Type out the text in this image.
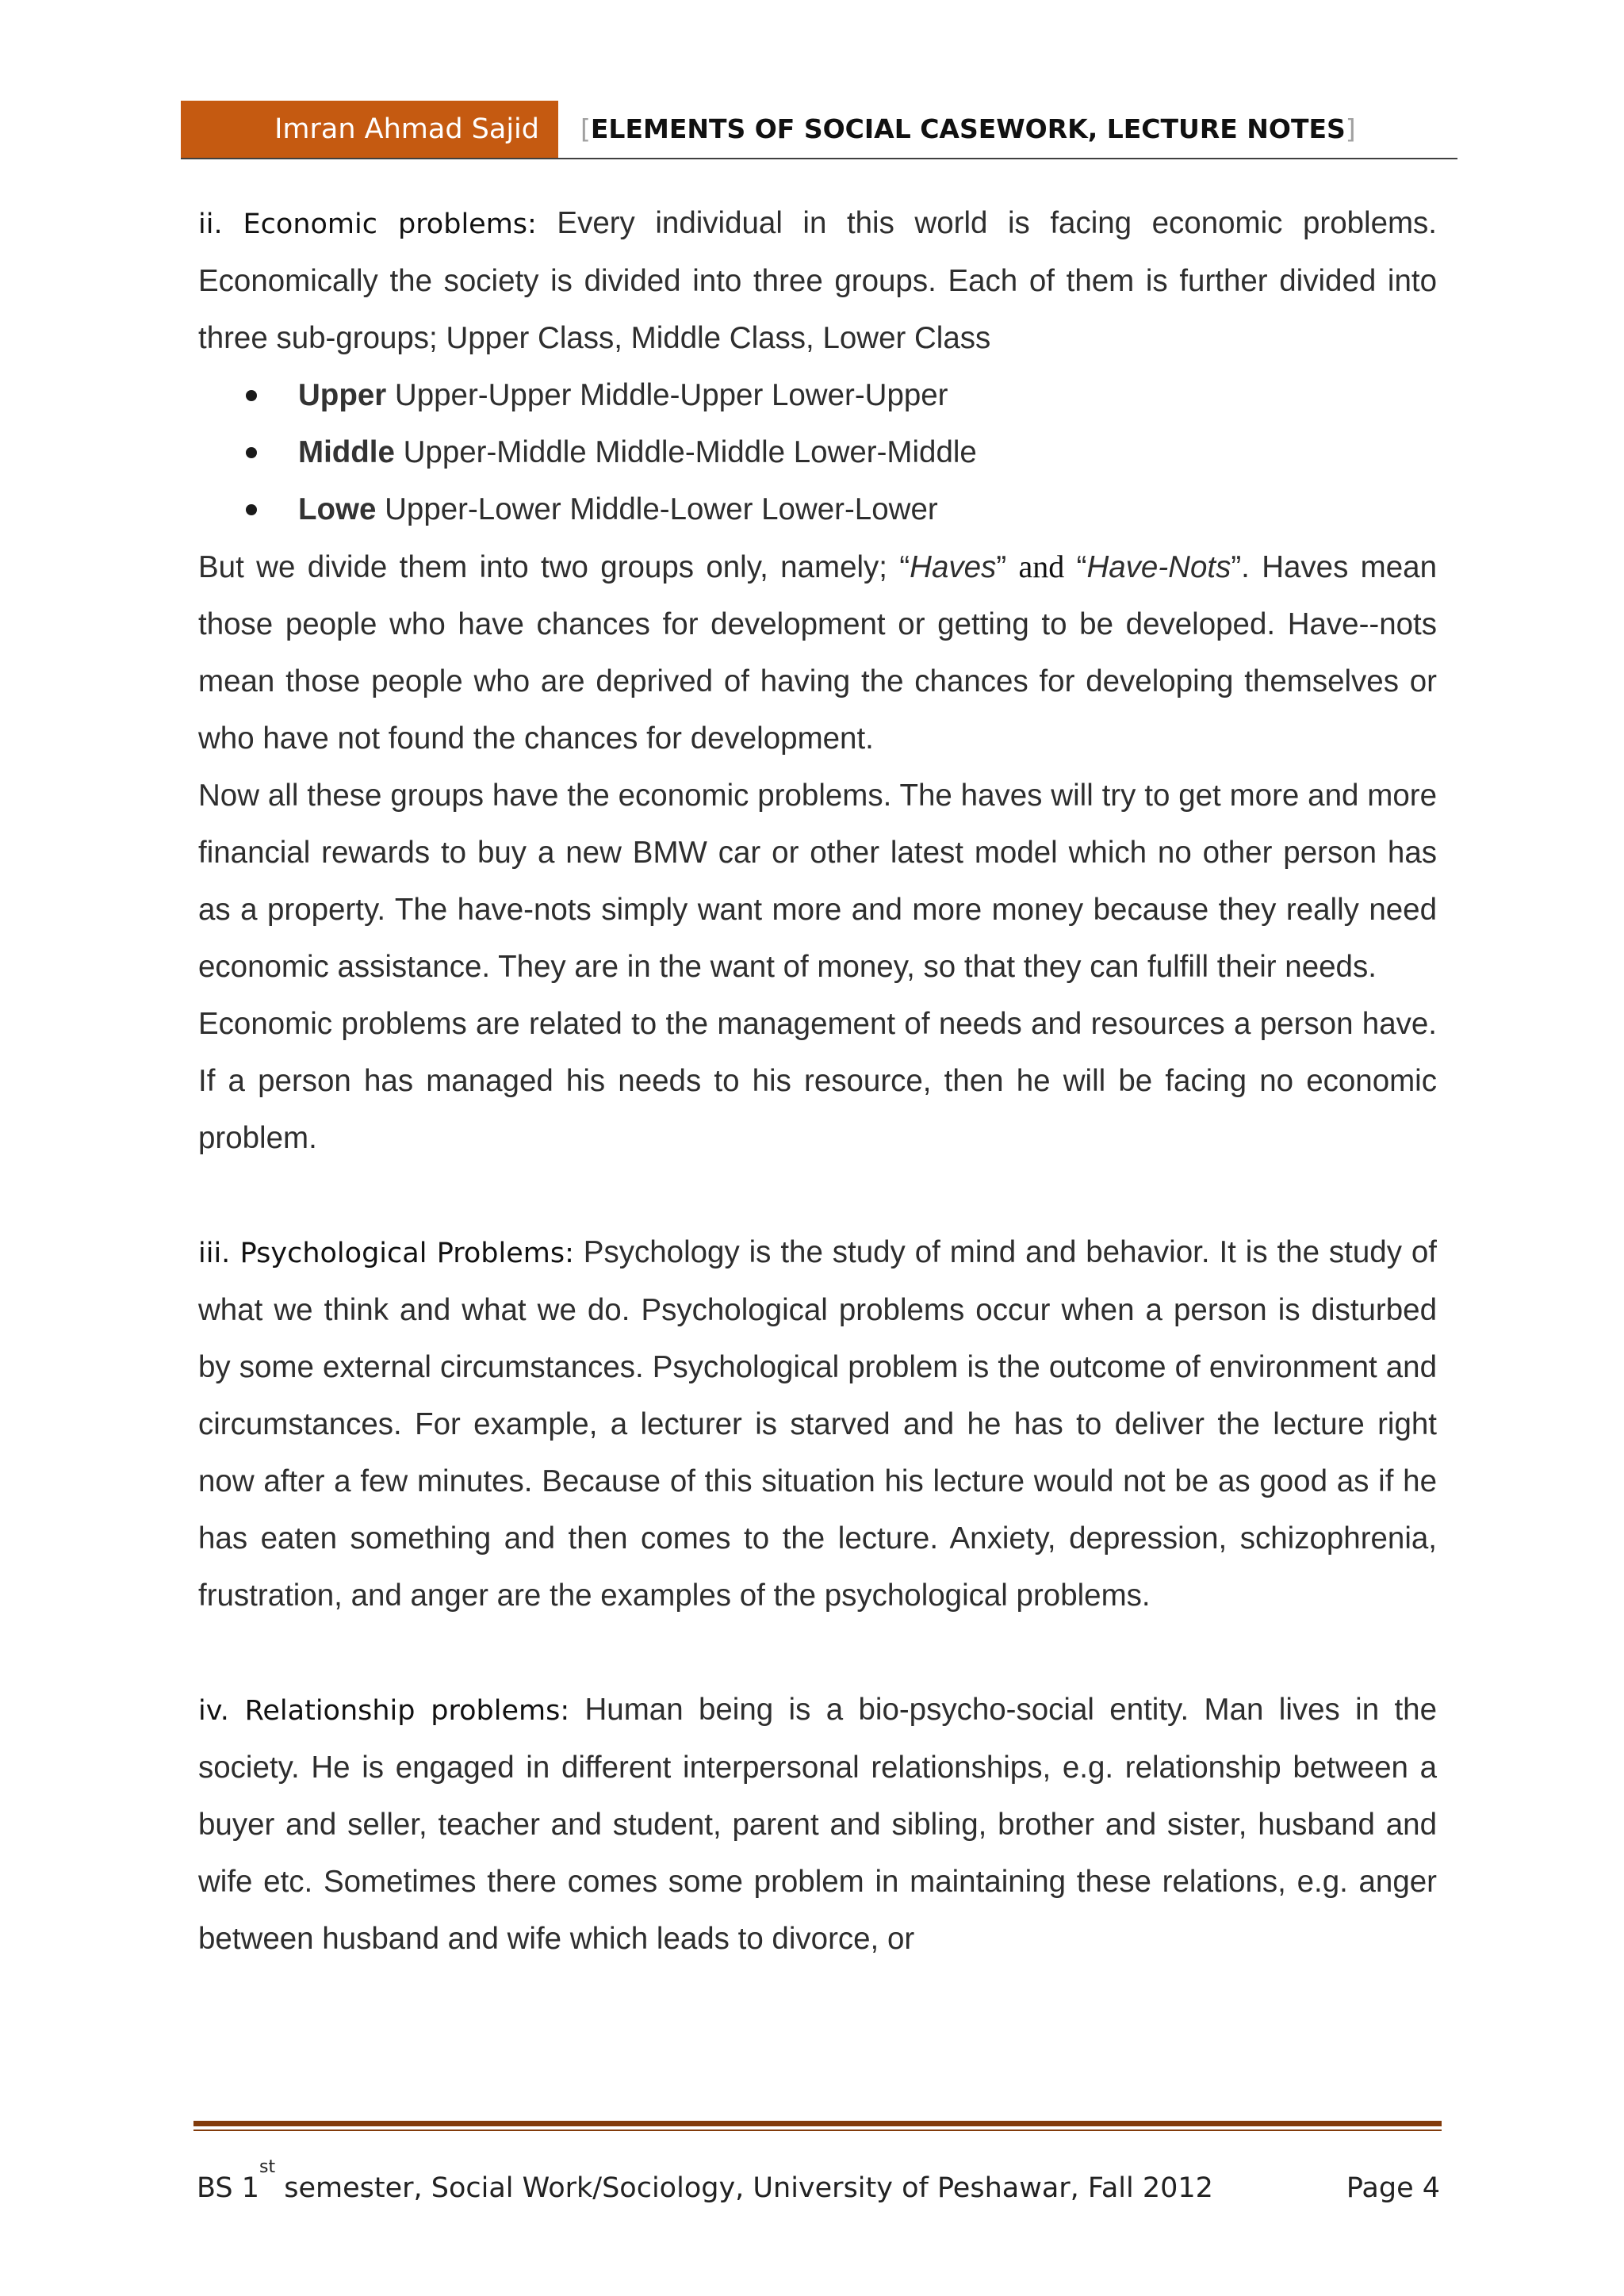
Imran Ahmad Sajid	[ELEMENTS OF SOCIAL CASEWORK, LECTURE NOTES]

ii. Economic problems: Every individual in this world is facing economic problems. Economically the society is divided into three groups. Each of them is further divided into three sub-groups; Upper Class, Middle Class, Lower Class

Upper Upper-Upper Middle-Upper Lower-Upper
Middle Upper-Middle Middle-Middle Lower-Middle
Lowe Upper-Lower Middle-Lower Lower-Lower

But we divide them into two groups only, namely; “Haves” and “Have-Nots”. Haves mean those people who have chances for development or getting to be developed. Have--nots mean those people who are deprived of having the chances for developing themselves or who have not found the chances for development.

Now all these groups have the economic problems. The haves will try to get more and more financial rewards to buy a new BMW car or other latest model which no other person has as a property. The have-nots simply want more and more money because they really need economic assistance. They are in the want of money, so that they can fulfill their needs.

Economic problems are related to the management of needs and resources a person have. If a person has managed his needs to his resource, then he will be facing no economic problem.

iii. Psychological Problems: Psychology is the study of mind and behavior. It is the study of what we think and what we do. Psychological problems occur when a person is disturbed by some external circumstances. Psychological problem is the outcome of environment and circumstances. For example, a lecturer is starved and he has to deliver the lecture right now after a few minutes. Because of this situation his lecture would not be as good as if he has eaten something and then comes to the lecture. Anxiety, depression, schizophrenia, frustration, and anger are the examples of the psychological problems.

iv. Relationship problems: Human being is a bio-psycho-social entity. Man lives in the society. He is engaged in different interpersonal relationships, e.g. relationship between a buyer and seller, teacher and student, parent and sibling, brother and sister, husband and wife etc. Sometimes there comes some problem in maintaining these relations, e.g. anger between husband and wife which leads to divorce, or

BS 1st semester, Social Work/Sociology, University of Peshawar, Fall 2012	Page 4
